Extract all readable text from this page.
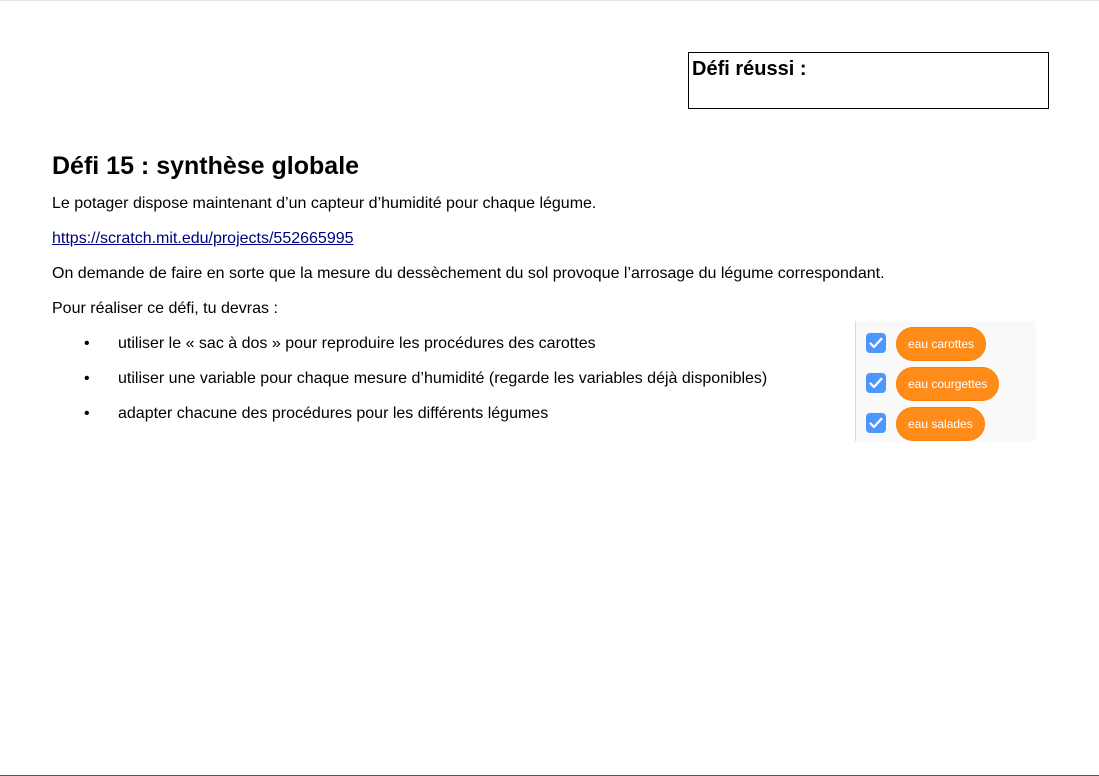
Défi réussi :
Défi 15 : synthèse globale
Le potager dispose maintenant d’un capteur d’humidité pour chaque légume.
https://scratch.mit.edu/projects/552665995
On demande de faire en sorte que la mesure du dessèchement du sol provoque l’arrosage du légume correspondant.
Pour réaliser ce défi, tu devras :
• utiliser le « sac à dos » pour reproduire les procédures des carottes
• utiliser une variable pour chaque mesure d’humidité (regarde les variables déjà disponibles)
• adapter chacune des procédures pour les différents légumes
eau carottes
eau courgettes
eau salades
